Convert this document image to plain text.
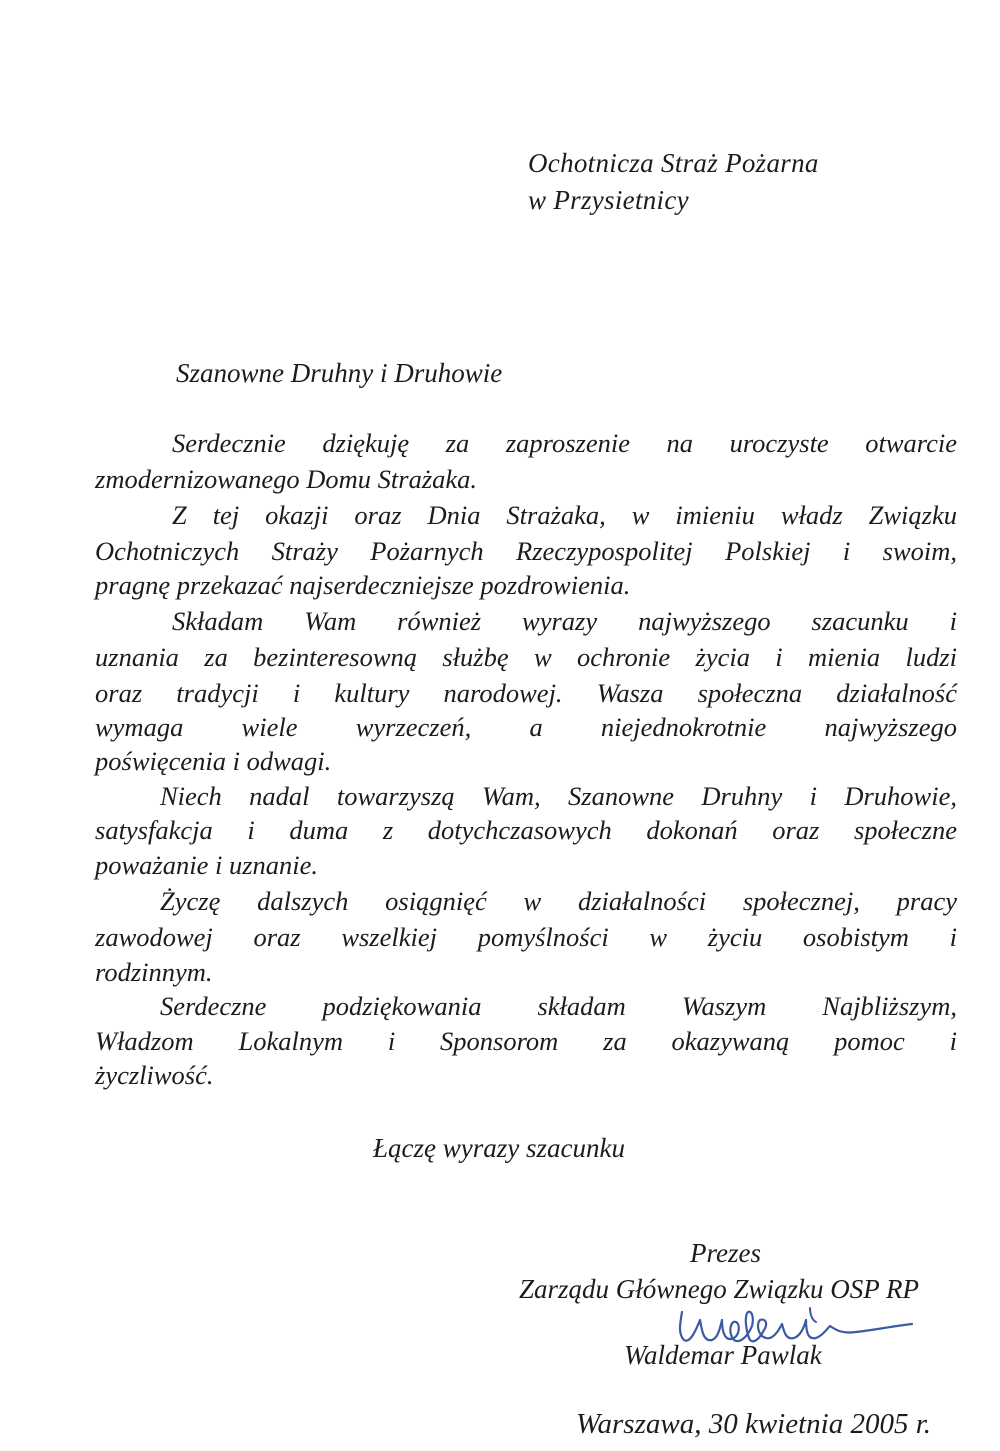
Ochotnicza Straż Pożarna
w Przysietnicy
Szanowne Druhny i Druhowie
Serdecznie dziękuję za zaproszenie na uroczyste otwarcie
zmodernizowanego Domu Strażaka.
Z tej okazji oraz Dnia Strażaka, w imieniu władz Związku
Ochotniczych Straży Pożarnych Rzeczypospolitej Polskiej i swoim,
pragnę przekazać najserdeczniejsze pozdrowienia.
Składam Wam również wyrazy najwyższego szacunku i
uznania za bezinteresowną służbę w ochronie życia i mienia ludzi
oraz tradycji i kultury narodowej. Wasza społeczna działalność
wymaga wiele wyrzeczeń, a niejednokrotnie najwyższego
poświęcenia i odwagi.
Niech nadal towarzyszą Wam, Szanowne Druhny i Druhowie,
satysfakcja i duma z dotychczasowych dokonań oraz społeczne
poważanie i uznanie.
Życzę dalszych osiągnięć w działalności społecznej, pracy
zawodowej oraz wszelkiej pomyślności w życiu osobistym i
rodzinnym.
Serdeczne podziękowania składam Waszym Najbliższym,
Władzom Lokalnym i Sponsorom za okazywaną pomoc i
życzliwość.
Łączę wyrazy szacunku
Prezes
Zarządu Głównego Związku OSP RP
Waldemar Pawlak
Warszawa, 30 kwietnia 2005 r.
